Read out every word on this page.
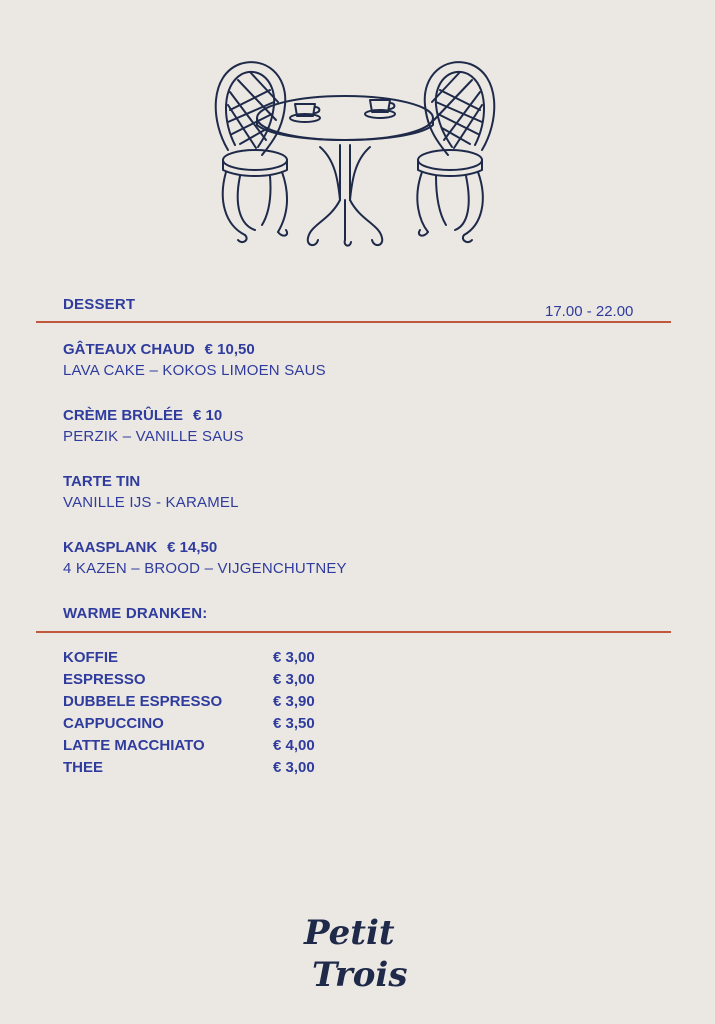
DESSERT	17.00 - 22.00
GÂTEAUX CHAUD € 10,50
LAVA CAKE – KOKOS LIMOEN SAUS
CRÈME BRÛLÉE € 10
PERZIK – VANILLE SAUS
TARTE TIN
VANILLE IJS - KARAMEL
KAASPLANK € 14,50
4 KAZEN – BROOD – VIJGENCHUTNEY
WARME DRANKEN:
KOFFIE	€ 3,00
ESPRESSO	€ 3,00
DUBBELE ESPRESSO	€ 3,90
CAPPUCCINO	€ 3,50
LATTE MACCHIATO	€ 4,00
THEE	€ 3,00
Petit
Trois
